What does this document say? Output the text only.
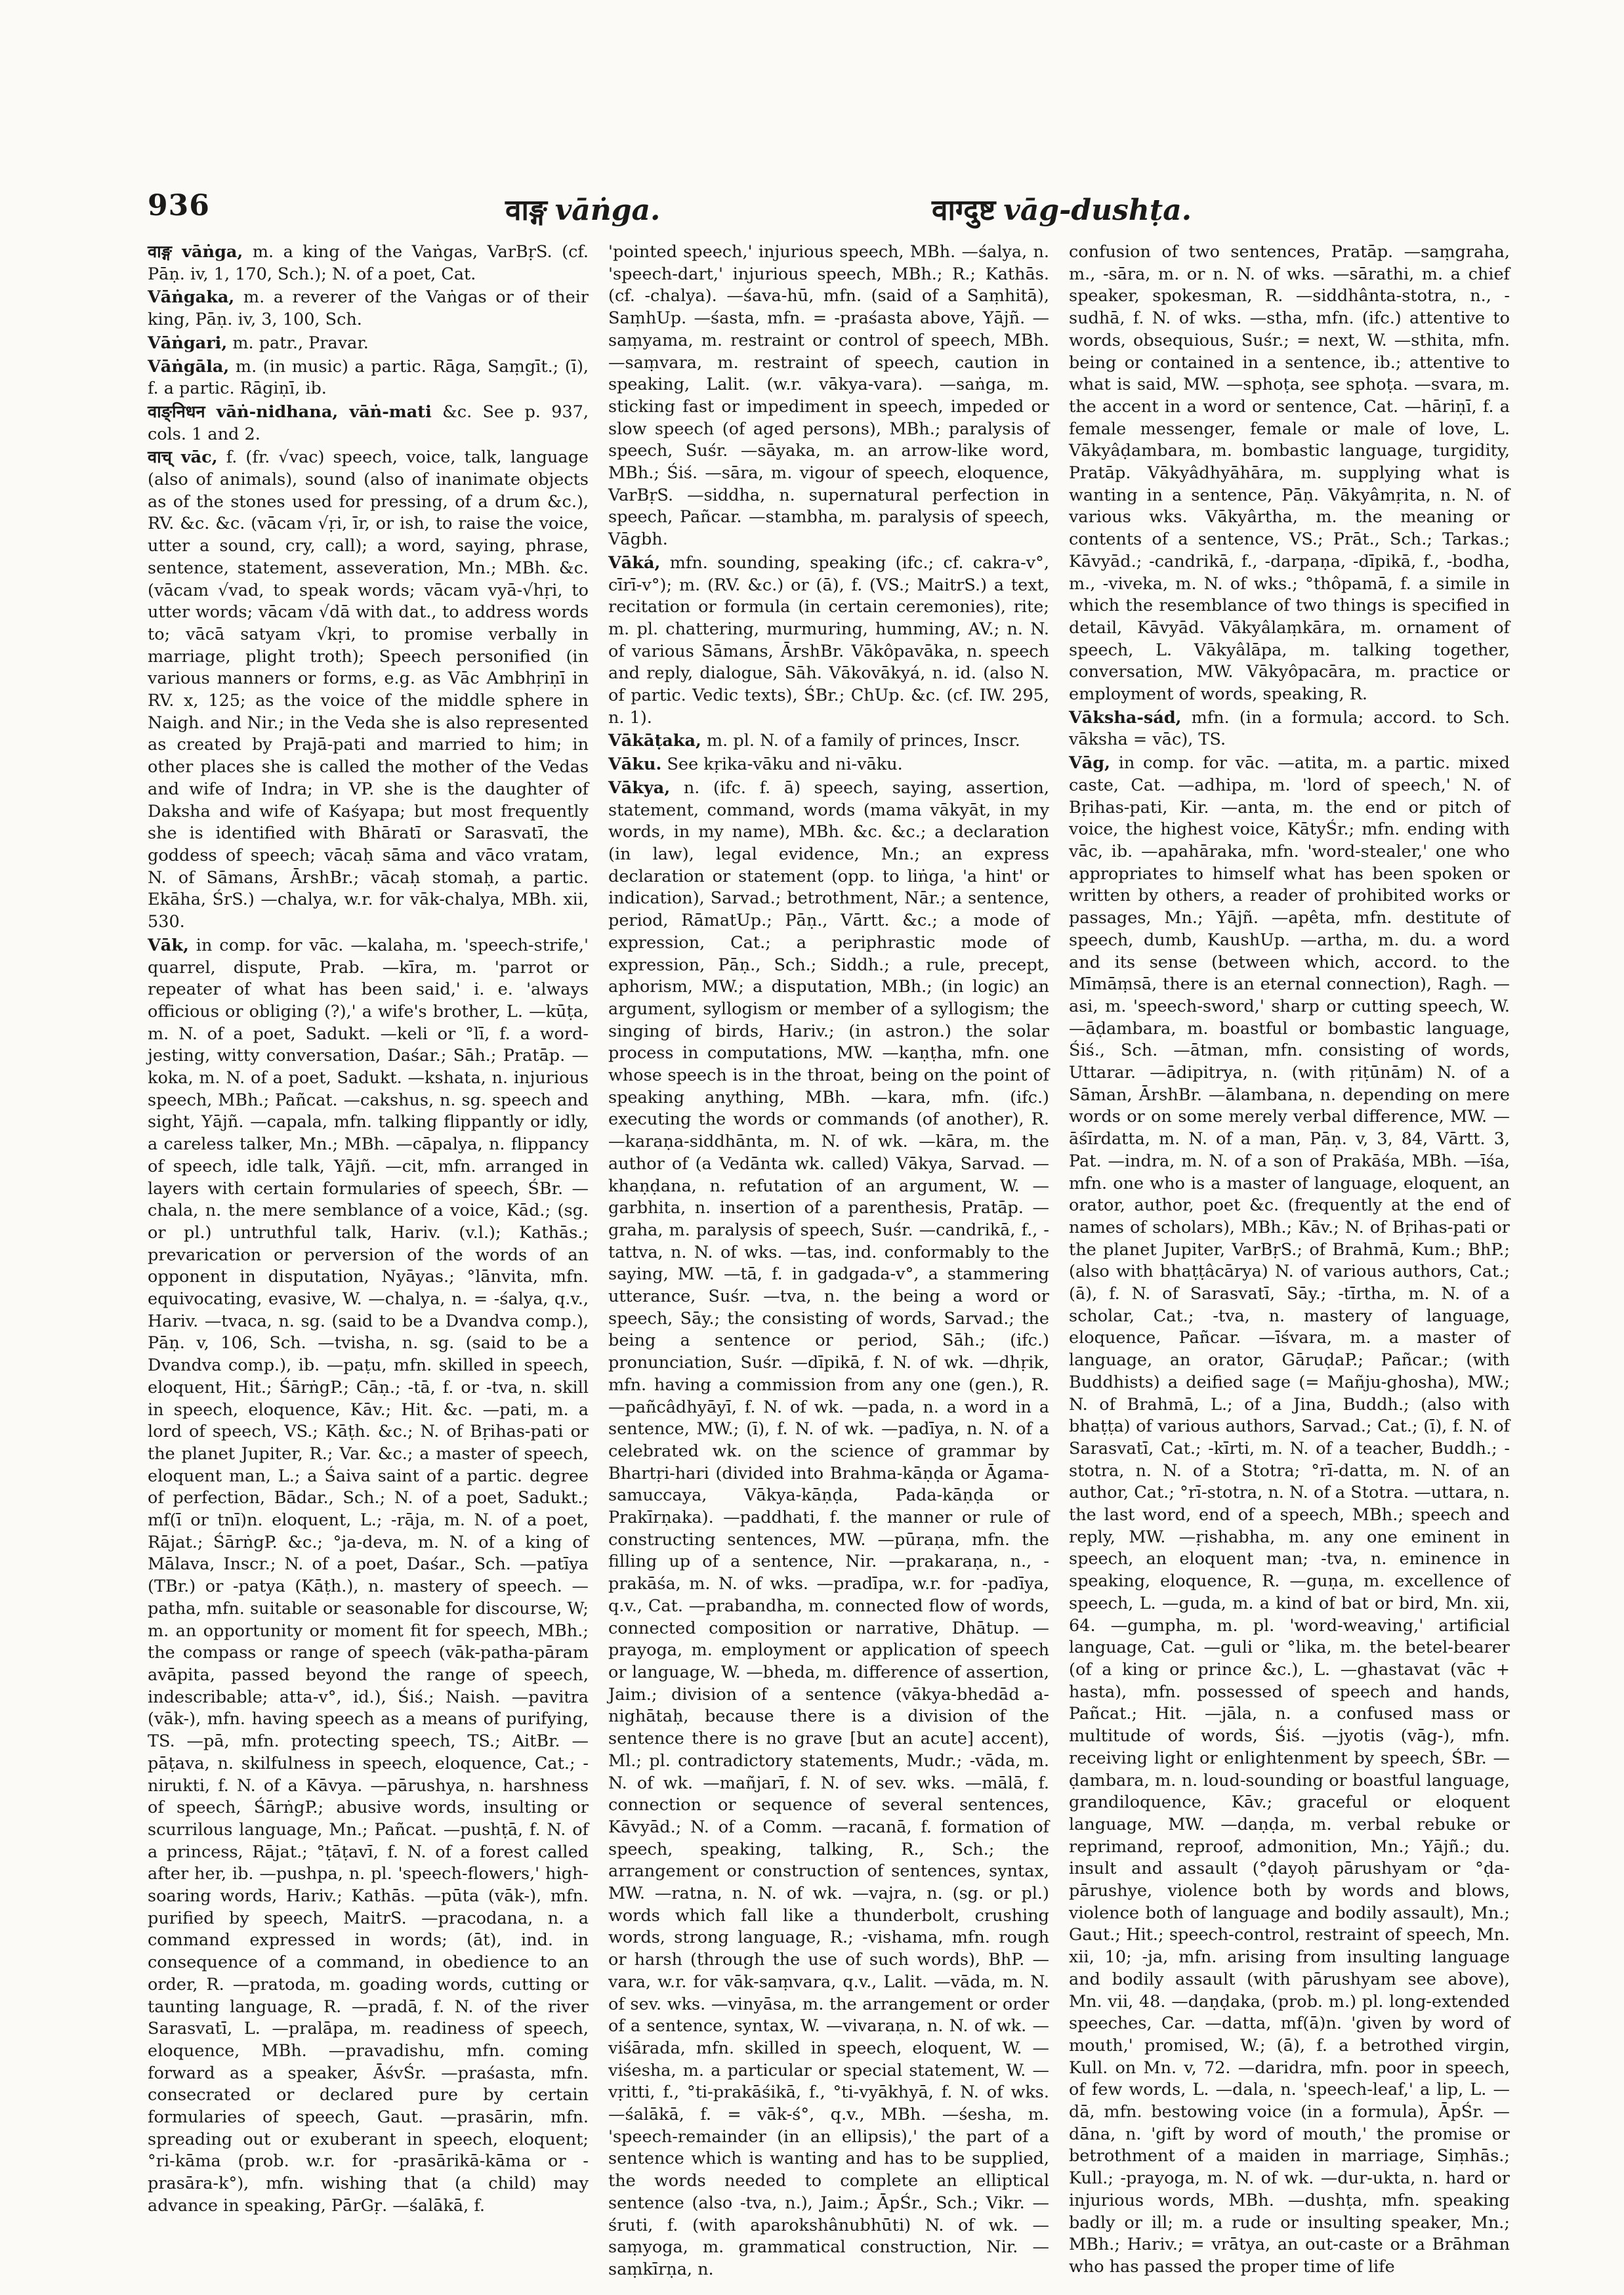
936	वाङ्ग vāṅga.	वाग्दुष्ट vāg-dushṭa.

वाङ्ग vāṅga, m. a king of the Vaṅgas, VarBṛS. (cf. Pāṇ. iv, 1, 170, Sch.); N. of a poet, Cat.

Vāṅgaka, m. a reverer of the Vaṅgas or of their king, Pāṇ. iv, 3, 100, Sch.

Vāṅgari, m. patr., Pravar.

Vāṅgāla, m. (in music) a partic. Rāga, Saṃgīt.; (ī), f. a partic. Rāgiṇī, ib.

वाङ्निधन vāṅ-nidhana, vāṅ-mati &c. See p. 937, cols. 1 and 2.

वाच् vāc, f. (fr. √vac) speech, voice, talk, language (also of animals), sound (also of inanimate objects as of the stones used for pressing, of a drum &c.), RV. &c. &c. (vācam √ṛi, īr, or ish, to raise the voice, utter a sound, cry, call); a word, saying, phrase, sentence, statement, asseveration, Mn.; MBh. &c. (vācam √vad, to speak words; vācam vyā-√hṛi, to utter words; vācam √dā with dat., to address words to; vācā satyam √kṛi, to promise verbally in marriage, plight troth); Speech personified (in various manners or forms, e.g. as Vāc Ambhṛiṇī in RV. x, 125; as the voice of the middle sphere in Naigh. and Nir.; in the Veda she is also represented as created by Prajā-pati and married to him; in other places she is called the mother of the Vedas and wife of Indra; in VP. she is the daughter of Daksha and wife of Kaśyapa; but most frequently she is identified with Bhāratī or Sarasvatī, the goddess of speech; vācaḥ sāma and vāco vratam, N. of Sāmans, ĀrshBr.; vācaḥ stomaḥ, a partic. Ekāha, ŚrS.) —chalya, w.r. for vāk-chalya, MBh. xii, 530.

Vāk, in comp. for vāc. —kalaha, m. 'speech-strife,' quarrel, dispute, Prab. —kīra, m. 'parrot or repeater of what has been said,' i. e. 'always officious or obliging (?),' a wife's brother, L. —kūṭa, m. N. of a poet, Sadukt. —keli or °lī, f. a word-jesting, witty conversation, Daśar.; Sāh.; Pratāp. —koka, m. N. of a poet, Sadukt. —kshata, n. injurious speech, MBh.; Pañcat. —cakshus, n. sg. speech and sight, Yājñ. —capala, mfn. talking flippantly or idly, a careless talker, Mn.; MBh. —cāpalya, n. flippancy of speech, idle talk, Yājñ. —cit, mfn. arranged in layers with certain formularies of speech, ŚBr. —chala, n. the mere semblance of a voice, Kād.; (sg. or pl.) untruthful talk, Hariv. (v.l.); Kathās.; prevarication or perversion of the words of an opponent in disputation, Nyāyas.; °lānvita, mfn. equivocating, evasive, W. —chalya, n. = -śalya, q.v., Hariv. —tvaca, n. sg. (said to be a Dvandva comp.), Pāṇ. v, 106, Sch. —tvisha, n. sg. (said to be a Dvandva comp.), ib. —paṭu, mfn. skilled in speech, eloquent, Hit.; ŚārṅgP.; Cāṇ.; -tā, f. or -tva, n. skill in speech, eloquence, Kāv.; Hit. &c. —pati, m. a lord of speech, VS.; Kāṭh. &c.; N. of Bṛihas-pati or the planet Jupiter, R.; Var. &c.; a master of speech, eloquent man, L.; a Śaiva saint of a partic. degree of perfection, Bādar., Sch.; N. of a poet, Sadukt.; mf(ī or tnī)n. eloquent, L.; -rāja, m. N. of a poet, Rājat.; ŚārṅgP. &c.; °ja-deva, m. N. of a king of Mālava, Inscr.; N. of a poet, Daśar., Sch. —patīya (TBr.) or -patya (Kāṭh.), n. mastery of speech. —patha, mfn. suitable or seasonable for discourse, W; m. an opportunity or moment fit for speech, MBh.; the compass or range of speech (vāk-patha-pāram avāpita, passed beyond the range of speech, indescribable; atta-v°, id.), Śiś.; Naish. —pavitra (vāk-), mfn. having speech as a means of purifying, TS. —pā, mfn. protecting speech, TS.; AitBr. —pāṭava, n. skilfulness in speech, eloquence, Cat.; -nirukti, f. N. of a Kāvya. —pārushya, n. harshness of speech, ŚārṅgP.; abusive words, insulting or scurrilous language, Mn.; Pañcat. —pushṭā, f. N. of a princess, Rājat.; °ṭāṭavī, f. N. of a forest called after her, ib. —pushpa, n. pl. 'speech-flowers,' high-soaring words, Hariv.; Kathās. —pūta (vāk-), mfn. purified by speech, MaitrS. —pracodana, n. a command expressed in words; (āt), ind. in consequence of a command, in obedience to an order, R. —pratoda, m. goading words, cutting or taunting language, R. —pradā, f. N. of the river Sarasvatī, L. —pralāpa, m. readiness of speech, eloquence, MBh. —pravadishu, mfn. coming forward as a speaker, ĀśvŚr. —praśasta, mfn. consecrated or declared pure by certain formularies of speech, Gaut. —prasārin, mfn. spreading out or exuberant in speech, eloquent; °ri-kāma (prob. w.r. for -prasārikā-kāma or -prasāra-k°), mfn. wishing that (a child) may advance in speaking, PārGṛ. —śalākā, f.

'pointed speech,' injurious speech, MBh. —śalya, n. 'speech-dart,' injurious speech, MBh.; R.; Kathās. (cf. -chalya). —śava-hū, mfn. (said of a Saṃhitā), SaṃhUp. —śasta, mfn. = -praśasta above, Yājñ. —saṃyama, m. restraint or control of speech, MBh. —saṃvara, m. restraint of speech, caution in speaking, Lalit. (w.r. vākya-vara). —saṅga, m. sticking fast or impediment in speech, impeded or slow speech (of aged persons), MBh.; paralysis of speech, Suśr. —sāyaka, m. an arrow-like word, MBh.; Śiś. —sāra, m. vigour of speech, eloquence, VarBṛS. —siddha, n. supernatural perfection in speech, Pañcar. —stambha, m. paralysis of speech, Vāgbh.

Vāká, mfn. sounding, speaking (ifc.; cf. cakra-v°, cīrī-v°); m. (RV. &c.) or (ā), f. (VS.; MaitrS.) a text, recitation or formula (in certain ceremonies), rite; m. pl. chattering, murmuring, humming, AV.; n. N. of various Sāmans, ĀrshBr. Vākôpavāka, n. speech and reply, dialogue, Sāh. Vākovākyá, n. id. (also N. of partic. Vedic texts), ŚBr.; ChUp. &c. (cf. IW. 295, n. 1).

Vākāṭaka, m. pl. N. of a family of princes, Inscr.

Vāku. See kṛika-vāku and ni-vāku.

Vākya, n. (ifc. f. ā) speech, saying, assertion, statement, command, words (mama vākyāt, in my words, in my name), MBh. &c. &c.; a declaration (in law), legal evidence, Mn.; an express declaration or statement (opp. to liṅga, 'a hint' or indication), Sarvad.; betrothment, Nār.; a sentence, period, RāmatUp.; Pāṇ., Vārtt. &c.; a mode of expression, Cat.; a periphrastic mode of expression, Pāṇ., Sch.; Siddh.; a rule, precept, aphorism, MW.; a disputation, MBh.; (in logic) an argument, syllogism or member of a syllogism; the singing of birds, Hariv.; (in astron.) the solar process in computations, MW. —kaṇṭha, mfn. one whose speech is in the throat, being on the point of speaking anything, MBh. —kara, mfn. (ifc.) executing the words or commands (of another), R. —karaṇa-siddhānta, m. N. of wk. —kāra, m. the author of (a Vedānta wk. called) Vākya, Sarvad. —khaṇḍana, n. refutation of an argument, W. —garbhita, n. insertion of a parenthesis, Pratāp. —graha, m. paralysis of speech, Suśr. —candrikā, f., -tattva, n. N. of wks. —tas, ind. conformably to the saying, MW. —tā, f. in gadgada-v°, a stammering utterance, Suśr. —tva, n. the being a word or speech, Sāy.; the consisting of words, Sarvad.; the being a sentence or period, Sāh.; (ifc.) pronunciation, Suśr. —dīpikā, f. N. of wk. —dhṛik, mfn. having a commission from any one (gen.), R. —pañcâdhyāyī, f. N. of wk. —pada, n. a word in a sentence, MW.; (ī), f. N. of wk. —padīya, n. N. of a celebrated wk. on the science of grammar by Bhartṛi-hari (divided into Brahma-kāṇḍa or Āgama-samuccaya, Vākya-kāṇḍa, Pada-kāṇḍa or Prakīrṇaka). —paddhati, f. the manner or rule of constructing sentences, MW. —pūraṇa, mfn. the filling up of a sentence, Nir. —prakaraṇa, n., -prakāśa, m. N. of wks. —pradīpa, w.r. for -padīya, q.v., Cat. —prabandha, m. connected flow of words, connected composition or narrative, Dhātup. —prayoga, m. employment or application of speech or language, W. —bheda, m. difference of assertion, Jaim.; division of a sentence (vākya-bhedād a-nighātaḥ, because there is a division of the sentence there is no grave [but an acute] accent), Ml.; pl. contradictory statements, Mudr.; -vāda, m. N. of wk. —mañjarī, f. N. of sev. wks. —mālā, f. connection or sequence of several sentences, Kāvyād.; N. of a Comm. —racanā, f. formation of speech, speaking, talking, R., Sch.; the arrangement or construction of sentences, syntax, MW. —ratna, n. N. of wk. —vajra, n. (sg. or pl.) words which fall like a thunderbolt, crushing words, strong language, R.; -vishama, mfn. rough or harsh (through the use of such words), BhP. —vara, w.r. for vāk-saṃvara, q.v., Lalit. —vāda, m. N. of sev. wks. —vinyāsa, m. the arrangement or order of a sentence, syntax, W. —vivaraṇa, n. N. of wk. —viśārada, mfn. skilled in speech, eloquent, W. —viśesha, m. a particular or special statement, W. —vṛitti, f., °ti-prakāśikā, f., °ti-vyākhyā, f. N. of wks. —śalākā, f. = vāk-ś°, q.v., MBh. —śesha, m. 'speech-remainder (in an ellipsis),' the part of a sentence which is wanting and has to be supplied, the words needed to complete an elliptical sentence (also -tva, n.), Jaim.; ĀpŚr., Sch.; Vikr. —śruti, f. (with aparokshânubhūti) N. of wk. —saṃyoga, m. grammatical construction, Nir. —saṃkīrṇa, n.

confusion of two sentences, Pratāp. —saṃgraha, m., -sāra, m. or n. N. of wks. —sārathi, m. a chief speaker, spokesman, R. —siddhânta-stotra, n., -sudhā, f. N. of wks. —stha, mfn. (ifc.) attentive to words, obsequious, Suśr.; = next, W. —sthita, mfn. being or contained in a sentence, ib.; attentive to what is said, MW. —sphoṭa, see sphoṭa. —svara, m. the accent in a word or sentence, Cat. —hāriṇī, f. a female messenger, female or male of love, L. Vākyâḍambara, m. bombastic language, turgidity, Pratāp. Vākyâdhyāhāra, m. supplying what is wanting in a sentence, Pāṇ. Vākyâmṛita, n. N. of various wks. Vākyârtha, m. the meaning or contents of a sentence, VS.; Prāt., Sch.; Tarkas.; Kāvyād.; -candrikā, f., -darpaṇa, -dīpikā, f., -bodha, m., -viveka, m. N. of wks.; °thôpamā, f. a simile in which the resemblance of two things is specified in detail, Kāvyād. Vākyâlaṃkāra, m. ornament of speech, L. Vākyâlāpa, m. talking together, conversation, MW. Vākyôpacāra, m. practice or employment of words, speaking, R.

Vāksha-sád, mfn. (in a formula; accord. to Sch. vāksha = vāc), TS.

Vāg, in comp. for vāc. —atita, m. a partic. mixed caste, Cat. —adhipa, m. 'lord of speech,' N. of Bṛihas-pati, Kir. —anta, m. the end or pitch of voice, the highest voice, KātyŚr.; mfn. ending with vāc, ib. —apahāraka, mfn. 'word-stealer,' one who appropriates to himself what has been spoken or written by others, a reader of prohibited works or passages, Mn.; Yājñ. —apêta, mfn. destitute of speech, dumb, KaushUp. —artha, m. du. a word and its sense (between which, accord. to the Mīmāṃsā, there is an eternal connection), Ragh. —asi, m. 'speech-sword,' sharp or cutting speech, W. —āḍambara, m. boastful or bombastic language, Śiś., Sch. —ātman, mfn. consisting of words, Uttarar. —ādipitrya, n. (with ṛiṭūnām) N. of a Sāman, ĀrshBr. —ālambana, n. depending on mere words or on some merely verbal difference, MW. —āśīrdatta, m. N. of a man, Pāṇ. v, 3, 84, Vārtt. 3, Pat. —indra, m. N. of a son of Prakāśa, MBh. —īśa, mfn. one who is a master of language, eloquent, an orator, author, poet &c. (frequently at the end of names of scholars), MBh.; Kāv.; N. of Bṛihas-pati or the planet Jupiter, VarBṛS.; of Brahmā, Kum.; BhP.; (also with bhaṭṭâcārya) N. of various authors, Cat.; (ā), f. N. of Sarasvatī, Sāy.; -tīrtha, m. N. of a scholar, Cat.; -tva, n. mastery of language, eloquence, Pañcar. —īśvara, m. a master of language, an orator, GāruḍaP.; Pañcar.; (with Buddhists) a deified sage (= Mañju-ghosha), MW.; N. of Brahmā, L.; of a Jina, Buddh.; (also with bhaṭṭa) of various authors, Sarvad.; Cat.; (ī), f. N. of Sarasvatī, Cat.; -kīrti, m. N. of a teacher, Buddh.; -stotra, n. N. of a Stotra; °rī-datta, m. N. of an author, Cat.; °rī-stotra, n. N. of a Stotra. —uttara, n. the last word, end of a speech, MBh.; speech and reply, MW. —ṛishabha, m. any one eminent in speech, an eloquent man; -tva, n. eminence in speaking, eloquence, R. —guṇa, m. excellence of speech, L. —guda, m. a kind of bat or bird, Mn. xii, 64. —gumpha, m. pl. 'word-weaving,' artificial language, Cat. —guli or °lika, m. the betel-bearer (of a king or prince &c.), L. —ghastavat (vāc + hasta), mfn. possessed of speech and hands, Pañcat.; Hit. —jāla, n. a confused mass or multitude of words, Śiś. —jyotis (vāg-), mfn. receiving light or enlightenment by speech, ŚBr. —ḍambara, m. n. loud-sounding or boastful language, grandiloquence, Kāv.; graceful or eloquent language, MW. —daṇḍa, m. verbal rebuke or reprimand, reproof, admonition, Mn.; Yājñ.; du. insult and assault (°ḍayoḥ pārushyam or °ḍa-pārushye, violence both by words and blows, violence both of language and bodily assault), Mn.; Gaut.; Hit.; speech-control, restraint of speech, Mn. xii, 10; -ja, mfn. arising from insulting language and bodily assault (with pārushyam see above), Mn. vii, 48. —daṇḍaka, (prob. m.) pl. long-extended speeches, Car. —datta, mf(ā)n. 'given by word of mouth,' promised, W.; (ā), f. a betrothed virgin, Kull. on Mn. v, 72. —daridra, mfn. poor in speech, of few words, L. —dala, n. 'speech-leaf,' a lip, L. —dā, mfn. bestowing voice (in a formula), ĀpŚr. —dāna, n. 'gift by word of mouth,' the promise or betrothment of a maiden in marriage, Siṃhās.; Kull.; -prayoga, m. N. of wk. —dur-ukta, n. hard or injurious words, MBh. —dushṭa, mfn. speaking badly or ill; m. a rude or insulting speaker, Mn.; MBh.; Hariv.; = vrātya, an out-caste or a Brāhman who has passed the proper time of life
